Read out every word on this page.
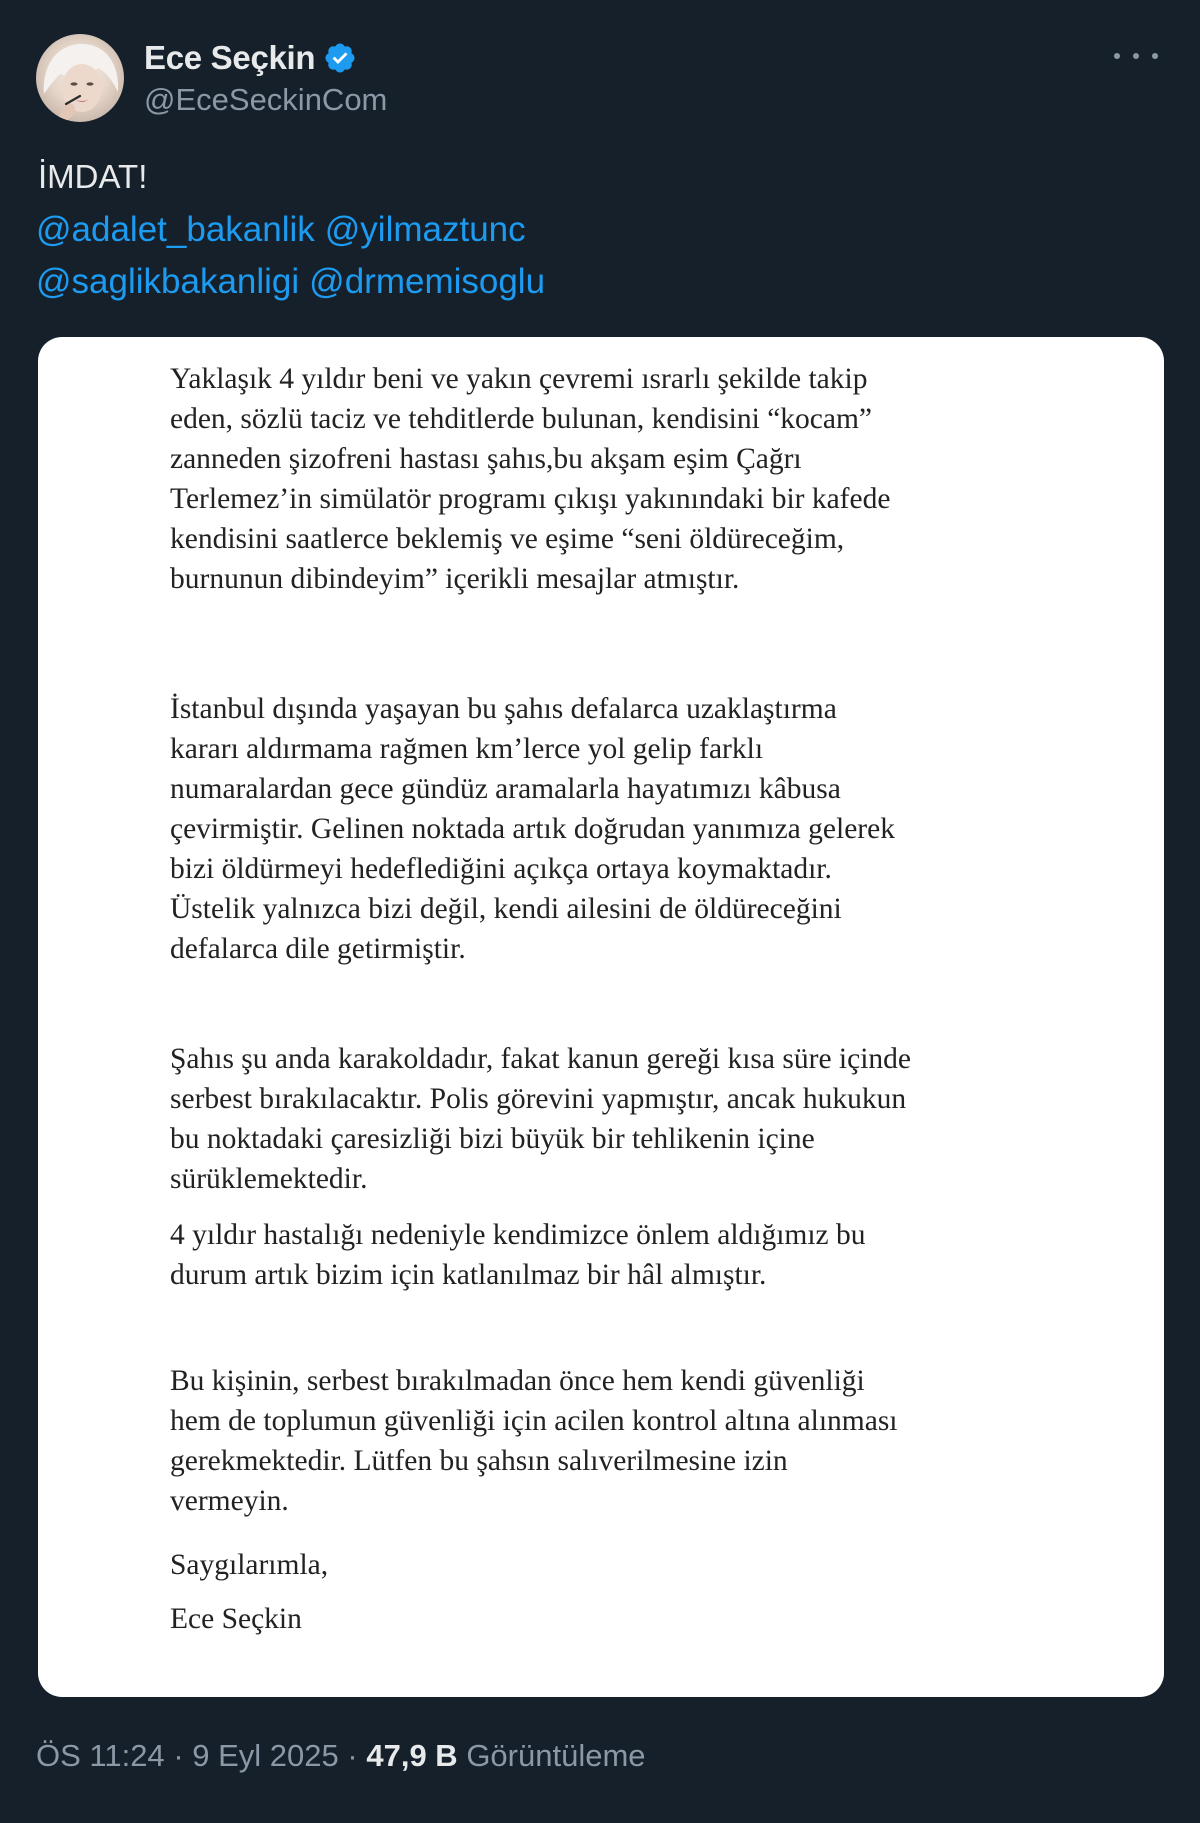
Ece Seçkin
@EceSeckinCom
İMDAT!
@adalet_bakanlik @yilmaztunc
@saglikbakanligi @drmemisoglu
Yaklaşık 4 yıldır beni ve yakın çevremi ısrarlı şekilde takip
eden, sözlü taciz ve tehditlerde bulunan, kendisini “kocam”
zanneden şizofreni hastası şahıs,bu akşam eşim Çağrı
Terlemez’in simülatör programı çıkışı yakınındaki bir kafede
kendisini saatlerce beklemiş ve eşime “seni öldüreceğim,
burnunun dibindeyim” içerikli mesajlar atmıştır.
İstanbul dışında yaşayan bu şahıs defalarca uzaklaştırma
kararı aldırmama rağmen km’lerce yol gelip farklı
numaralardan gece gündüz aramalarla hayatımızı kâbusa
çevirmiştir. Gelinen noktada artık doğrudan yanımıza gelerek
bizi öldürmeyi hedeflediğini açıkça ortaya koymaktadır.
Üstelik yalnızca bizi değil, kendi ailesini de öldüreceğini
defalarca dile getirmiştir.
Şahıs şu anda karakoldadır, fakat kanun gereği kısa süre içinde
serbest bırakılacaktır. Polis görevini yapmıştır, ancak hukukun
bu noktadaki çaresizliği bizi büyük bir tehlikenin içine
sürüklemektedir.
4 yıldır hastalığı nedeniyle kendimizce önlem aldığımız bu
durum artık bizim için katlanılmaz bir hâl almıştır.
Bu kişinin, serbest bırakılmadan önce hem kendi güvenliği
hem de toplumun güvenliği için acilen kontrol altına alınması
gerekmektedir. Lütfen bu şahsın salıverilmesine izin
vermeyin.
Saygılarımla,
Ece Seçkin
ÖS 11:24 · 9 Eyl 2025 · 47,9 B Görüntüleme
